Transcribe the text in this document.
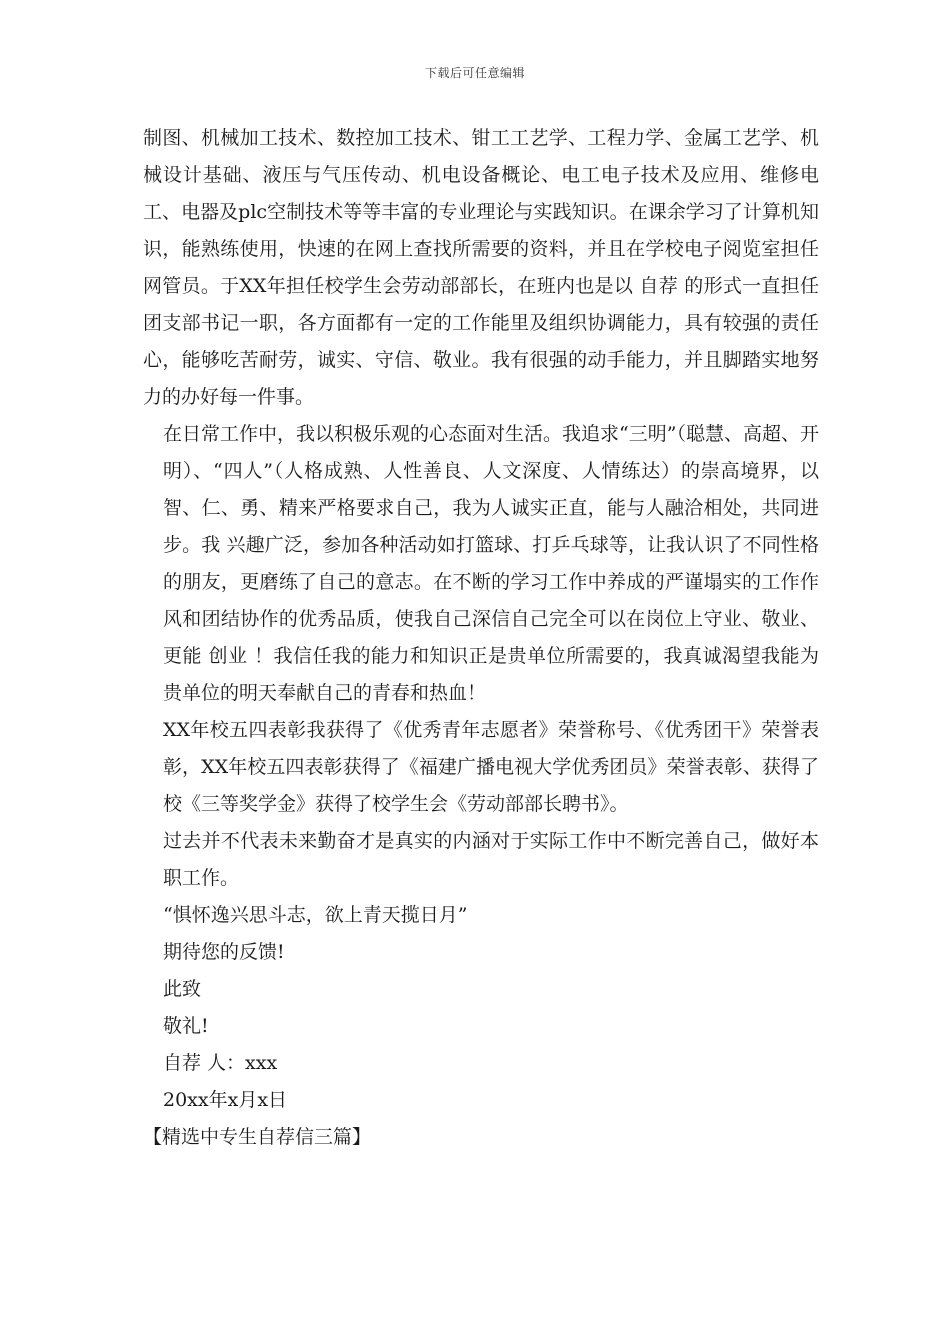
下载后可任意编辑

制图、机械加工技术、数控加工技术、钳工工艺学、工程力学、金属工艺学、机械设计基础、液压与气压传动、机电设备概论、电工电子技术及应用、维修电工、电器及plc空制技术等等丰富的专业理论与实践知识。在课余学习了计算机知识，能熟练使用，快速的在网上查找所需要的资料，并且在学校电子阅览室担任网管员。于XX年担任校学生会劳动部部长，在班内也是以 自荐 的形式一直担任团支部书记一职，各方面都有一定的工作能里及组织协调能力，具有较强的责任心，能够吃苦耐劳，诚实、守信、敬业。我有很强的动手能力，并且脚踏实地努力的办好每一件事。

在日常工作中，我以积极乐观的心态面对生活。我追求“三明”（聪慧、高超、开明）、“四人”（人格成熟、人性善良、人文深度、人情练达）的崇高境界，以智、仁、勇、精来严格要求自己，我为人诚实正直，能与人融洽相处，共同进步。我 兴趣广泛，参加各种活动如打篮球、打乒乓球等，让我认识了不同性格的朋友，更磨练了自己的意志。在不断的学习工作中养成的严谨塌实的工作作风和团结协作的优秀品质，使我自己深信自己完全可以在岗位上守业、敬业、更能 创业 ！我信任我的能力和知识正是贵单位所需要的，我真诚渴望我能为贵单位的明天奉献自己的青春和热血！

XX年校五四表彰我获得了《优秀青年志愿者》荣誉称号、《优秀团干》荣誉表彰，XX年校五四表彰获得了《福建广播电视大学优秀团员》荣誉表彰、获得了校《三等奖学金》获得了校学生会《劳动部部长聘书》。

过去并不代表未来勤奋才是真实的内涵对于实际工作中不断完善自己，做好本职工作。

“惧怀逸兴思斗志，欲上青天揽日月”

期待您的反馈!

此致

敬礼!

自荐 人：xxx

20xx年x月x日

【精选中专生自荐信三篇】
